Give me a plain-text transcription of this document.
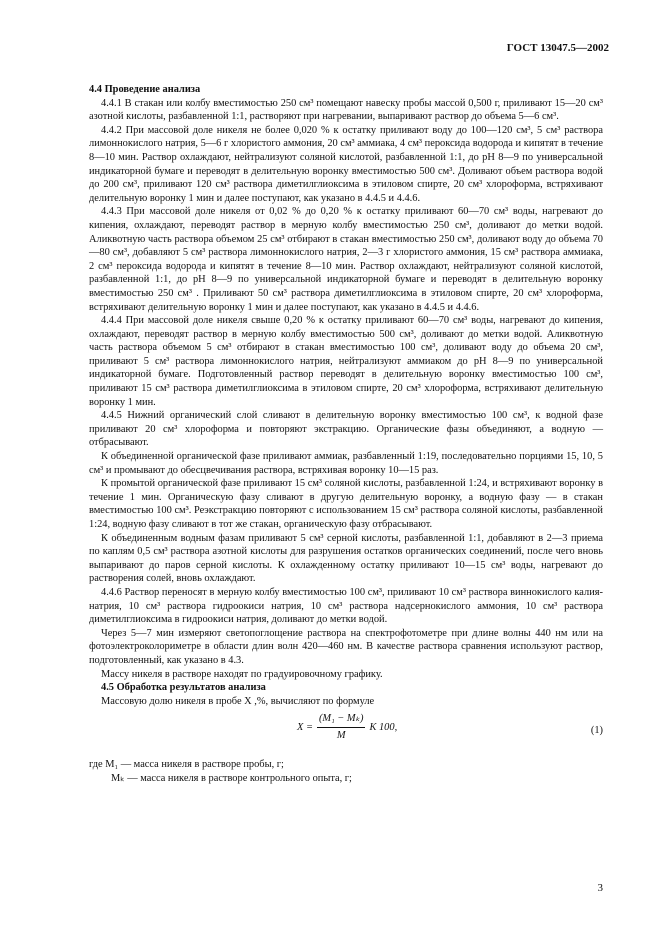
ГОСТ 13047.5—2002

4.4 Проведение анализа

4.4.1 В стакан или колбу вместимостью 250 см³ помещают навеску пробы массой 0,500 г, приливают 15—20 см³ азотной кислоты, разбавленной 1:1, растворяют при нагревании, выпаривают раствор до объема 5—6 см³.

4.4.2 При массовой доле никеля не более 0,020 % к остатку приливают воду до 100—120 см³, 5 см³ раствора лимоннокислого натрия, 5—6 г хлористого аммония, 20 см³ аммиака, 4 см³ пероксида водорода и кипятят в течение 8—10 мин. Раствор охлаждают, нейтрализуют соляной кислотой, разбавленной 1:1, до pH 8—9 по универсальной индикаторной бумаге и переводят в делительную воронку вместимостью 500 см³. Доливают объем раствора водой до 200 см³, приливают 120 см³ раствора диметилглиоксима в этиловом спирте, 20 см³ хлороформа, встряхивают делительную воронку 1 мин и далее поступают, как указано в 4.4.5 и 4.4.6.

4.4.3 При массовой доле никеля от 0,02 % до 0,20 % к остатку приливают 60—70 см³ воды, нагревают до кипения, охлаждают, переводят раствор в мерную колбу вместимостью 250 см³, доливают до метки водой. Аликвотную часть раствора объемом 25 см³ отбирают в стакан вместимостью 250 см³, доливают воду до объема 70—80 см³, добавляют 5 см³ раствора лимоннокислого натрия, 2—3 г хлористого аммония, 15 см³ раствора аммиака, 2 см³ пероксида водорода и кипятят в течение 8—10 мин. Раствор охлаждают, нейтрализуют соляной кислотой, разбавленной 1:1, до pH 8—9 по универсальной индикаторной бумаге и переводят в делительную воронку вместимостью 250 см³ . Приливают 50 см³ раствора диметилглиоксима в этиловом спирте, 20 см³ хлороформа, встряхивают делительную воронку 1 мин и далее поступают, как указано в 4.4.5 и 4.4.6.

4.4.4 При массовой доле никеля свыше 0,20 % к остатку приливают 60—70 см³ воды, нагревают до кипения, охлаждают, переводят раствор в мерную колбу вместимостью 500 см³, доливают до метки водой. Аликвотную часть раствора объемом 5 см³ отбирают в стакан вместимостью 100 см³, доливают воду до объема 20 см³, приливают 5 см³ раствора лимоннокислого натрия, нейтрализуют аммиаком до pH 8—9 по универсальной индикаторной бумаге. Подготовленный раствор переводят в делительную воронку вместимостью 100 см³, приливают 15 см³ раствора диметилглиоксима в этиловом спирте, 20 см³ хлороформа, встряхивают делительную воронку 1 мин.

4.4.5 Нижний органический слой сливают в делительную воронку вместимостью 100 см³, к водной фазе приливают 20 см³ хлороформа и повторяют экстракцию. Органические фазы объединяют, а водную — отбрасывают.

К объединенной органической фазе приливают аммиак, разбавленный 1:19, последовательно порциями 15, 10, 5 см³ и промывают до обесцвечивания раствора, встряхивая воронку 10—15 раз.

К промытой органической фазе приливают 15 см³ соляной кислоты, разбавленной 1:24, и встряхивают воронку в течение 1 мин. Органическую фазу сливают в другую делительную воронку, а водную фазу — в стакан вместимостью 100 см³. Реэкстракцию повторяют с использованием 15 см³ раствора соляной кислоты, разбавленной 1:24, водную фазу сливают в тот же стакан, органическую фазу отбрасывают.

К объединенным водным фазам приливают 5 см³ серной кислоты, разбавленной 1:1, добавляют в 2—3 приема по каплям 0,5 см³ раствора азотной кислоты для разрушения остатков органических соединений, после чего вновь выпаривают до паров серной кислоты. К охлажденному остатку приливают 10—15 см³ воды, нагревают до растворения солей, вновь охлаждают.

4.4.6 Раствор переносят в мерную колбу вместимостью 100 см³, приливают 10 см³ раствора виннокислого калия-натрия, 10 см³ раствора гидроокиси натрия, 10 см³ раствора надсернокислого аммония, 10 см³ раствора диметилглиоксима в гидроокиси натрия, доливают до метки водой.

Через 5—7 мин измеряют светопоглощение раствора на спектрофотометре при длине волны 440 нм или на фотоэлектроколориметре в области длин волн 420—460 нм. В качестве раствора сравнения используют раствор, подготовленный, как указано в 4.3.

Массу никеля в растворе находят по градуировочному графику.

4.5 Обработка результатов анализа

Массовую долю никеля в пробе X ,%, вычисляют по формуле

$X = \frac{\text{(M₁ − Mₖ)}}{M}$ K 100,	(1)

где M₁ — масса никеля в растворе пробы, г;

Mₖ — масса никеля в растворе контрольного опыта, г;

3
